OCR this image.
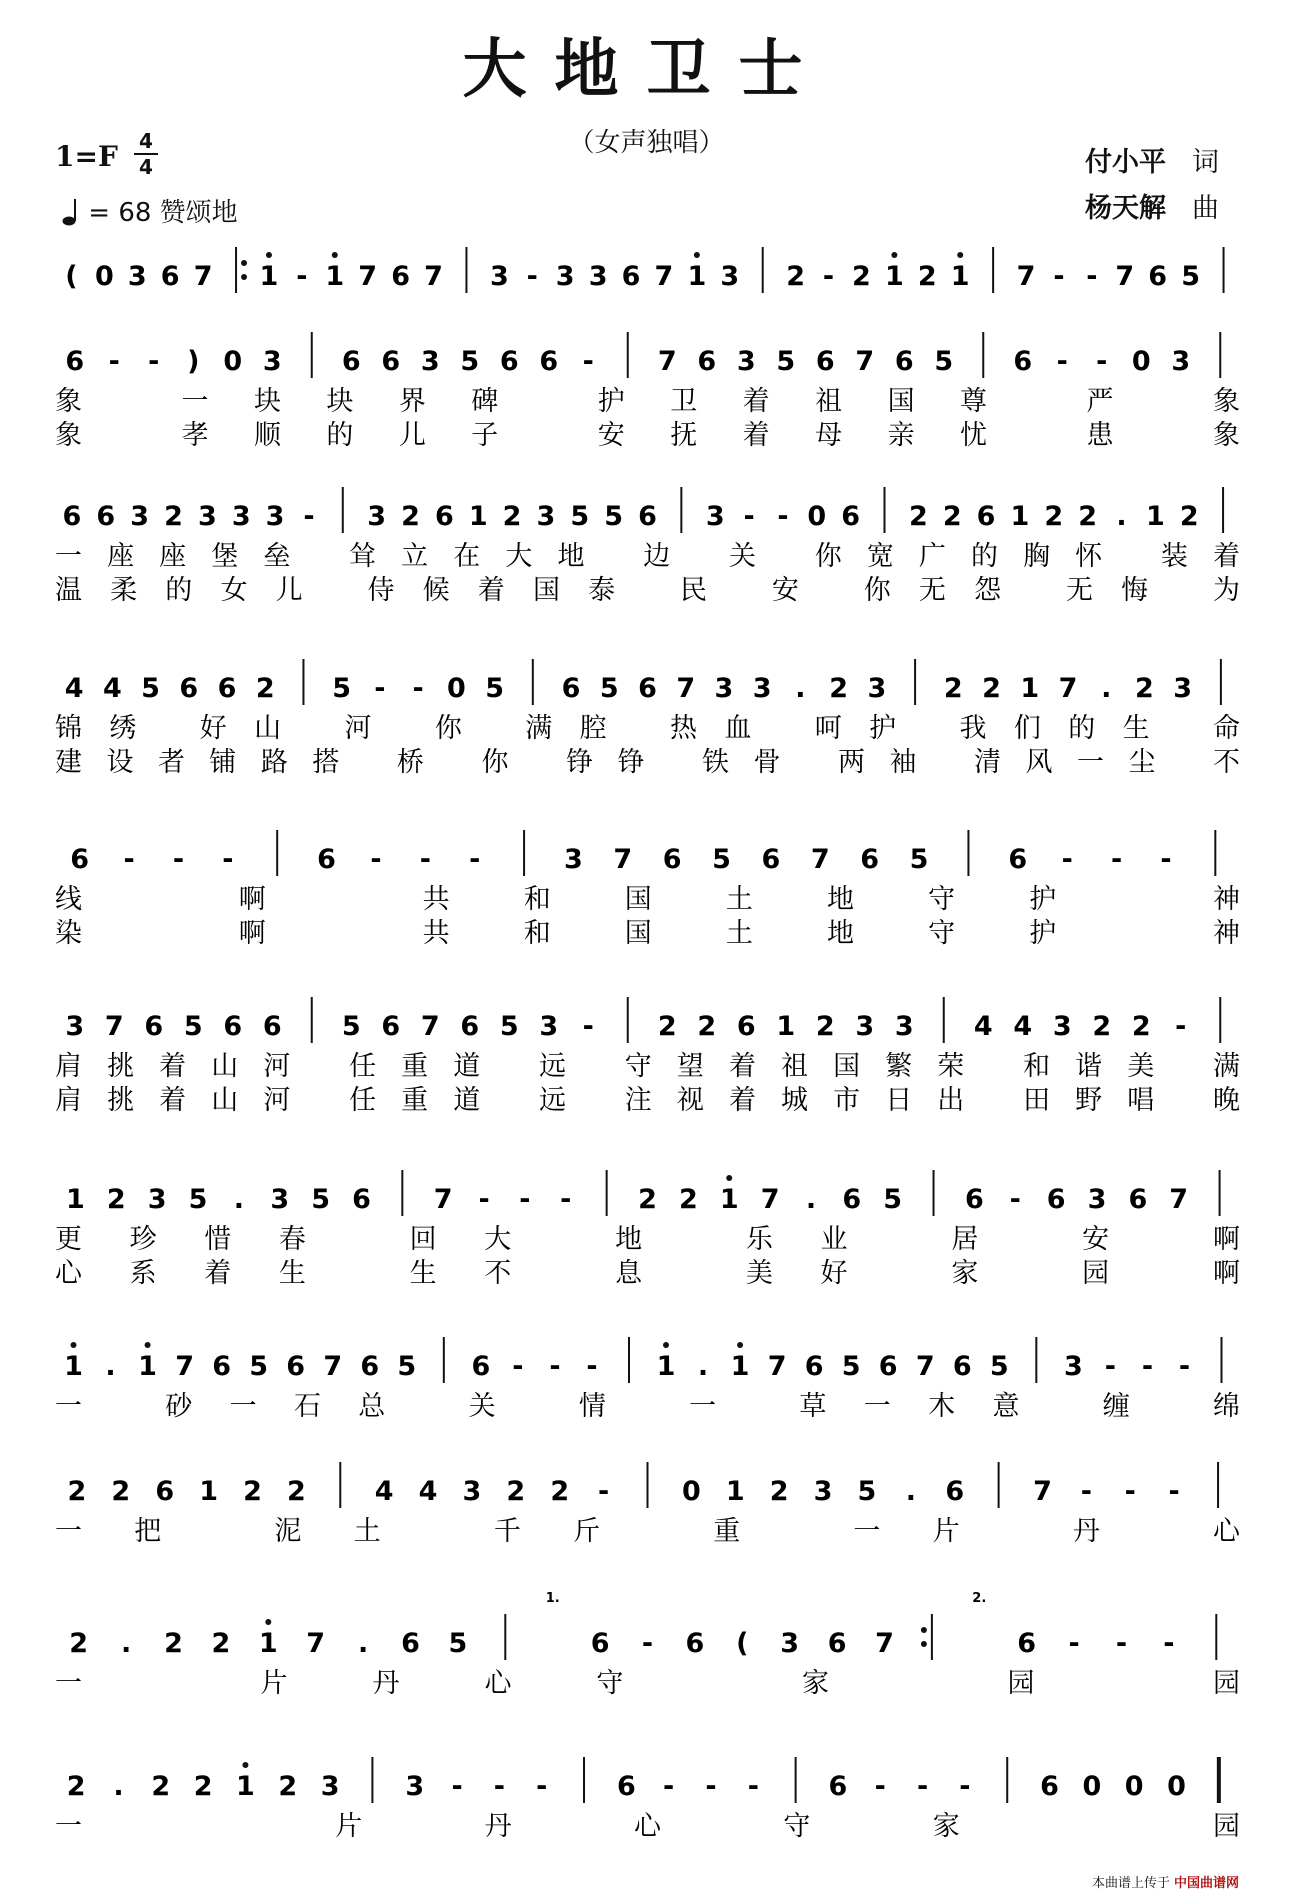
大地卫士
（女声独唱）
1=F 4
4
= 68 赞颂地
付小平 词
杨天解 曲
( 0 3 6 7 1 - 1 7 6 7 3 - 3 3 6 7 1 3 2 - 2 1 2 1 7 - - 7 6 5
6 - - ) 0 3 6 6 3 5 6 6 - 7 6 3 5 6 7 6 5 6 - - 0 3
象 一块块界碑 护卫着祖国尊 严 象
象 孝顺的儿子 安抚着母亲忧 患 象
6 6 3 2 3 3 3 - 3 2 6 1 2 3 5 5 6 3 - - 0 6 2 2 6 1 2 2 . 1 2
一座座堡垒 耸立在大地 边 关 你宽广的胸怀 装着
温柔的女儿 侍候着国泰 民 安 你无怨 无悔 为
4 4 5 6 6 2 5 - - 0 5 6 5 6 7 3 3 . 2 3 2 2 1 7 . 2 3
锦绣 好山 河 你 满腔 热血 呵护 我们的生 命
建设者铺路搭 桥 你 铮铮 铁骨 两袖 清风一尘 不
6 - - -	6 - - -	3 7 6 5 6 7 6 5	6 - - -
线 啊 共和国土地守护 神
染 啊 共和国土地守护 神
3 7 6 5 6 6 5 6 7 6 5 3 - 2 2 6 1 2 3 3 4 4 3 2 2 -
肩挑着山河 任重道 远 守望着祖国繁荣 和谐美 满
肩挑着山河 任重道 远 注视着城市日出 田野唱 晚
1 2 3 5 . 3 5 6 7 - - - 2 2 1 7 . 6 5 6 - 6 3 6 7
更珍惜春 回大 地 乐业 居 安 啊
心系着生 生不 息 美好 家 园 啊
1 . 1 7 6 5 6 7 6 5 6 - - - 1 . 1 7 6 5 6 7 6 5 3 - - -
一 砂一石总 关 情 一 草一木意 缠 绵
2 2 6 1 2 2	4 4 3 2 2 -	0 1 2 3 5 . 6	7 - - -
一把 泥土 千斤 重 一片 丹 心
2 . 2 2 1 7 . 6 5
1.
6 - 6 ( 3 6 7
2.
6 - - -
一 片丹心守 家 园 园
2 . 2 2 1 2 3 3 - - -	6 - - -	6 - - -	6 0 0 0
一 片丹心守家 园
本曲谱上传于 中国曲谱网
